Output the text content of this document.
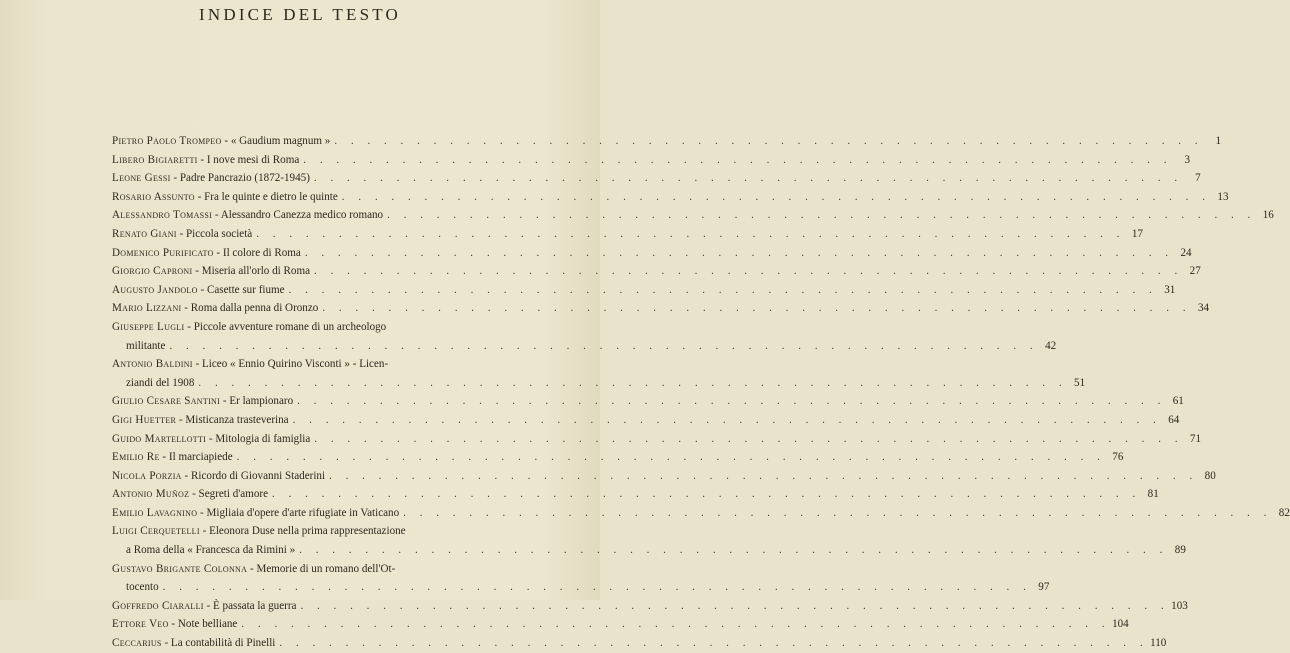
INDICE DEL TESTO
Pietro Paolo Trompeo - « Gaudium magnum » . . .	1
Libero Bigiaretti - I nove mesi di Roma . . .	3
Leone Gessi - Padre Pancrazio (1872-1945) . . .	7
Rosario Assunto - Fra le quinte e dietro le quinte . . .	13
Alessandro Tomassi - Alessandro Canezza medico romano . . .	16
Renato Giani - Piccola società . . .	17
Domenico Purificato - Il colore di Roma . . .	24
Giorgio Caproni - Miseria all'orlo di Roma . . .	27
Augusto Jandolo - Casette sur fiume . . .	31
Mario Lizzani - Roma dalla penna di Oronzo . . .	34
Giuseppe Lugli - Piccole avventure romane di un archeologo
militante . . .	42
Antonio Baldini - Liceo « Ennio Quirino Visconti » - Licen-
ziandi del 1908 . . .	51
Giulio Cesare Santini - Er lampionaro . . .	61
Gigi Huetter - Misticanza trasteverina . . .	64
Guido Martellotti - Mitologia di famiglia . . .	71
Emilio Re - Il marciapiede . . .	76
Nicola Porzia - Ricordo di Giovanni Staderini . . .	80
Antonio Muñoz - Segreti d'amore . . .	81
Emilio Lavagnino - Migliaia d'opere d'arte rifugiate in Vaticano . . .	82
Luigi Cerquetelli - Eleonora Duse nella prima rappresentazione
a Roma della « Francesca da Rimini » . . .	89
Gustavo Brigante Colonna - Memorie di un romano dell'Ot-
tocento . . .	97
Goffredo Ciaralli - È passata la guerra . . .	103
Ettore Veo - Note belliane . . .	104
Ceccarius - La contabilità di Pinelli . . .	110
